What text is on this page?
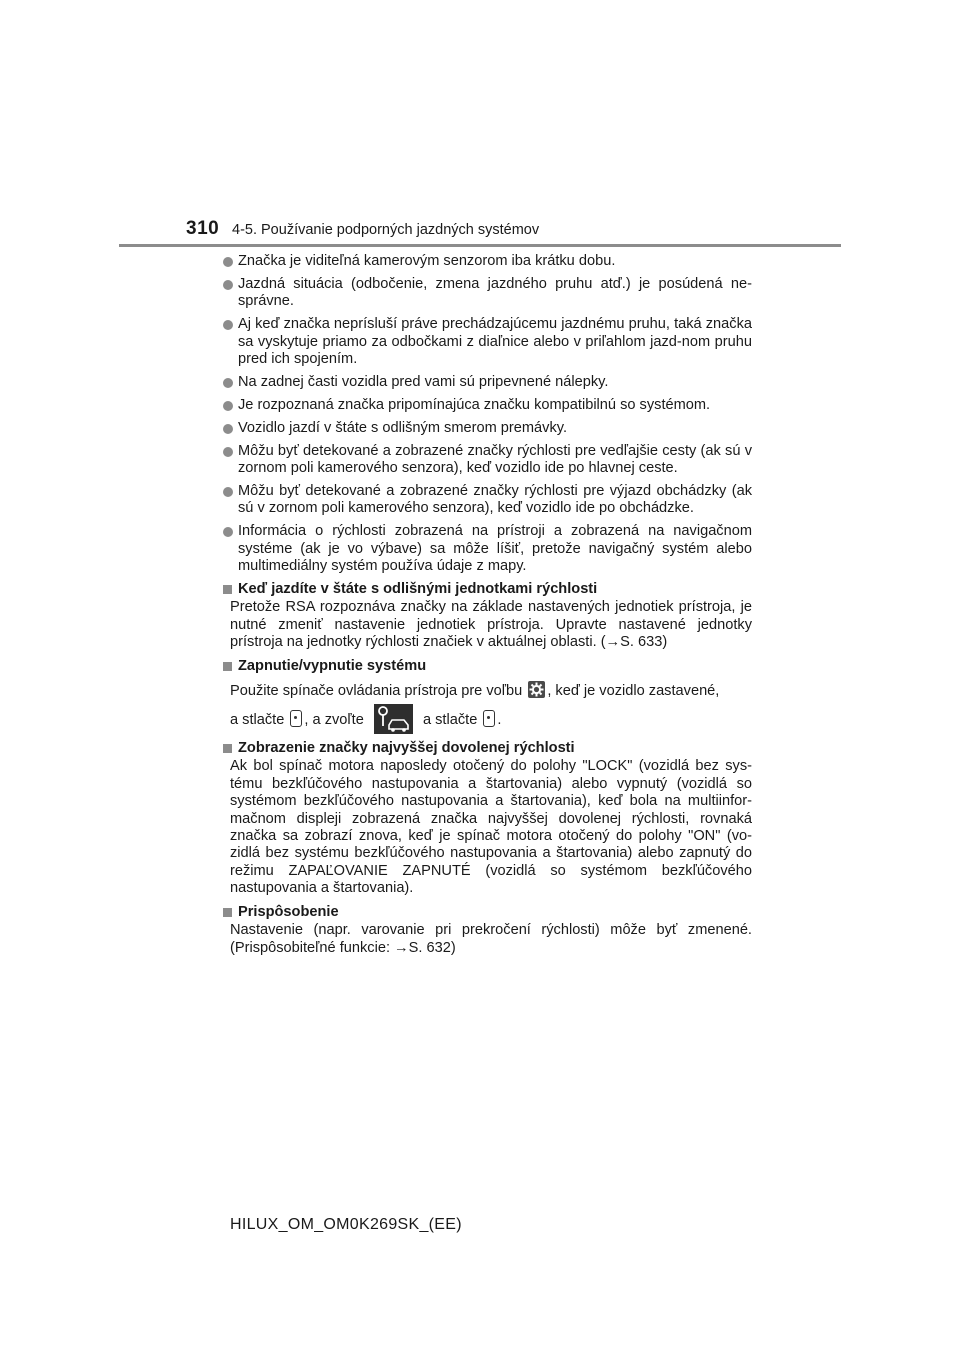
310 4-5. Používanie podporných jazdných systémov
Značka je viditeľná kamerovým senzorom iba krátku dobu.
Jazdná situácia (odbočenie, zmena jazdného pruhu atď.) je posúdená ne-správne.
Aj keď značka neprísluší práve prechádzajúcemu jazdnému pruhu, taká značka sa vyskytuje priamo za odbočkami z diaľnice alebo v priľahlom jazd-nom pruhu pred ich spojením.
Na zadnej časti vozidla pred vami sú pripevnené nálepky.
Je rozpoznaná značka pripomínajúca značku kompatibilnú so systémom.
Vozidlo jazdí v štáte s odlišným smerom premávky.
Môžu byť detekované a zobrazené značky rýchlosti pre vedľajšie cesty (ak sú v zornom poli kamerového senzora), keď vozidlo ide po hlavnej ceste.
Môžu byť detekované a zobrazené značky rýchlosti pre výjazd obchádzky (ak sú v zornom poli kamerového senzora), keď vozidlo ide po obchádzke.
Informácia o rýchlosti zobrazená na prístroji a zobrazená na navigačnom systéme (ak je vo výbave) sa môže líšiť, pretože navigačný systém alebo multimediálny systém používa údaje z mapy.
Keď jazdíte v štáte s odlišnými jednotkami rýchlosti
Pretože RSA rozpoznáva značky na základe nastavených jednotiek prístroja, je nutné zmeniť nastavenie jednotiek prístroja. Upravte nastavené jednotky prístroja na jednotky rýchlosti značiek v aktuálnej oblasti. (→S. 633)
Zapnutie/vypnutie systému
Použite spínače ovládania prístroja pre voľbu , keď je vozidlo zastavené,
a stlačte , a zvoľte	a stlačte .
Zobrazenie značky najvyššej dovolenej rýchlosti
Ak bol spínač motora naposledy otočený do polohy "LOCK" (vozidlá bez sys-tému bezkľúčového nastupovania a štartovania) alebo vypnutý (vozidlá so systémom bezkľúčového nastupovania a štartovania), keď bola na multiinfor-mačnom displeji zobrazená značka najvyššej dovolenej rýchlosti, rovnaká značka sa zobrazí znova, keď je spínač motora otočený do polohy "ON" (vo-zidlá bez systému bezkľúčového nastupovania a štartovania) alebo zapnutý do režimu ZAPAĽOVANIE ZAPNUTÉ (vozidlá so systémom bezkľúčového nastupovania a štartovania).
Prispôsobenie
Nastavenie (napr. varovanie pri prekročení rýchlosti) môže byť zmenené. (Prispôsobiteľné funkcie: →S. 632)
HILUX_OM_OM0K269SK_(EE)
